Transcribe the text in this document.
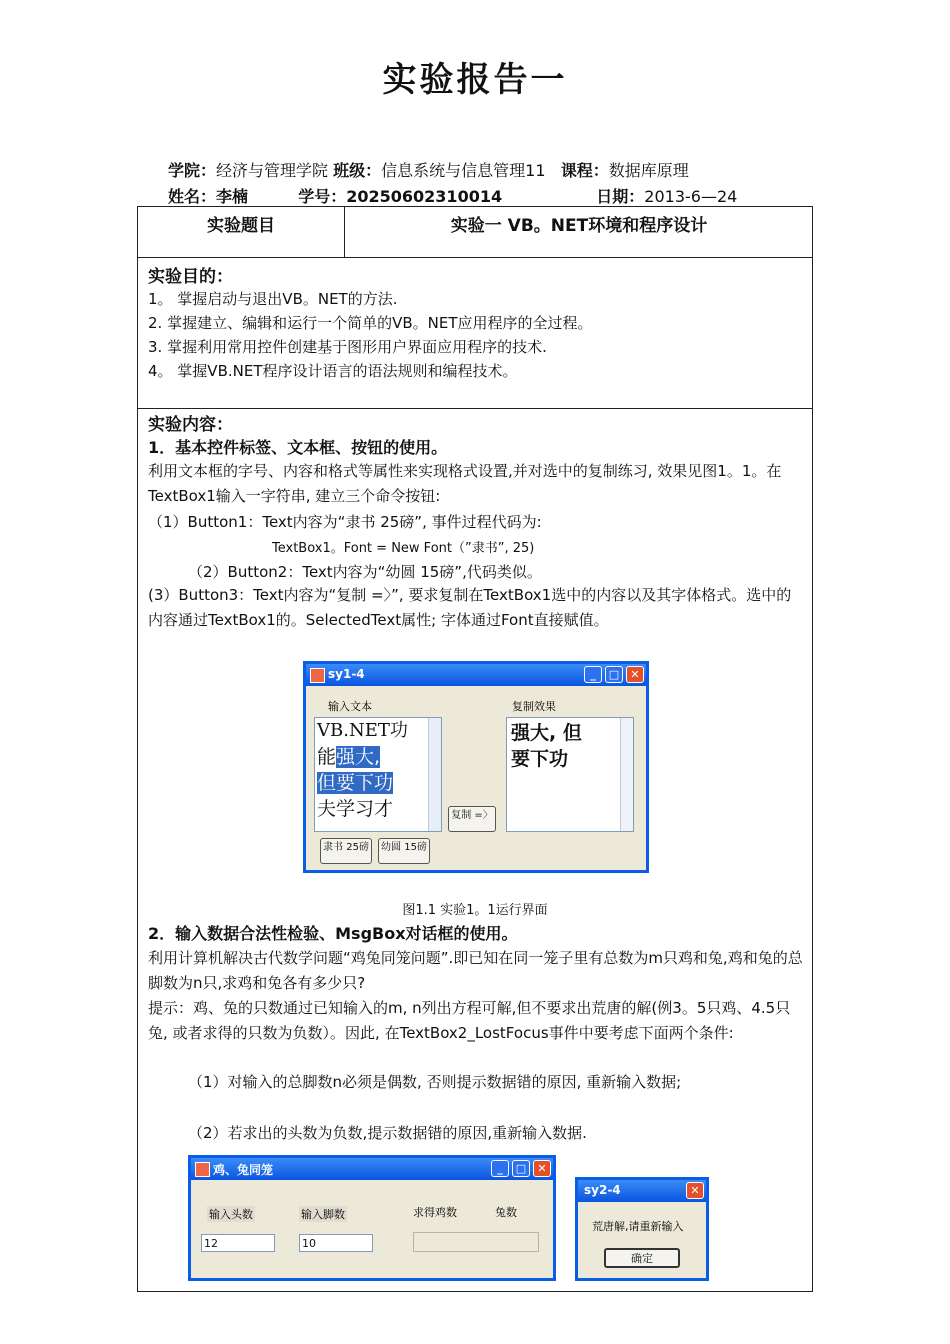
实验报告一
学院：经济与管理学院 班级：信息系统与信息管理11 课程：数据库原理
姓名：李楠	学号：20250602310014	日期：2013-6—24
实验题目	实验一 VB。NET环境和程序设计
实验目的：
1。 掌握启动与退出VB。NET的方法.
2. 掌握建立、编辑和运行一个简单的VB。NET应用程序的全过程。
3. 掌握利用常用控件创建基于图形用户界面应用程序的技术.
4。 掌握VB.NET程序设计语言的语法规则和编程技术。
实验内容：
1．基本控件标签、文本框、按钮的使用。
利用文本框的字号、内容和格式等属性来实现格式设置,并对选中的复制练习, 效果见图1。1。在TextBox1输入一字符串, 建立三个命令按钮:
（1）Button1：Text内容为“隶书 25磅”, 事件过程代码为:
TextBox1。Font = New Font（”隶书”, 25)
（2）Button2：Text内容为“幼圆 15磅”,代码类似。
(3）Button3：Text内容为“复制 =〉”, 要求复制在TextBox1选中的内容以及其字体格式。选中的内容通过TextBox1的。SelectedText属性; 字体通过Font直接赋值。
sy1-4	_	□	✕
输入文本	复制效果
VB.NET功
能强大,
但要下功
夫学习才
强大, 但
要下功
复制 =〉
隶书 25磅	幼圆 15磅
图1.1 实验1。1运行界面
2．输入数据合法性检验、MsgBox对话框的使用。
利用计算机解决古代数学问题“鸡兔同笼问题”.即已知在同一笼子里有总数为m只鸡和兔,鸡和兔的总脚数为n只,求鸡和兔各有多少只?
提示：鸡、兔的只数通过已知输入的m, n列出方程可解,但不要求出荒唐的解(例3。5只鸡、4.5只兔, 或者求得的只数为负数）。因此, 在TextBox2_LostFocus事件中要考虑下面两个条件:
（1）对输入的总脚数n必须是偶数, 否则提示数据错的原因, 重新输入数据;
（2）若求出的头数为负数,提示数据错的原因,重新输入数据.
鸡、兔同笼	_	□	✕
输入头数	输入脚数	求得鸡数	兔数
12	10
sy2-4	✕
荒唐解,请重新输入
确定
